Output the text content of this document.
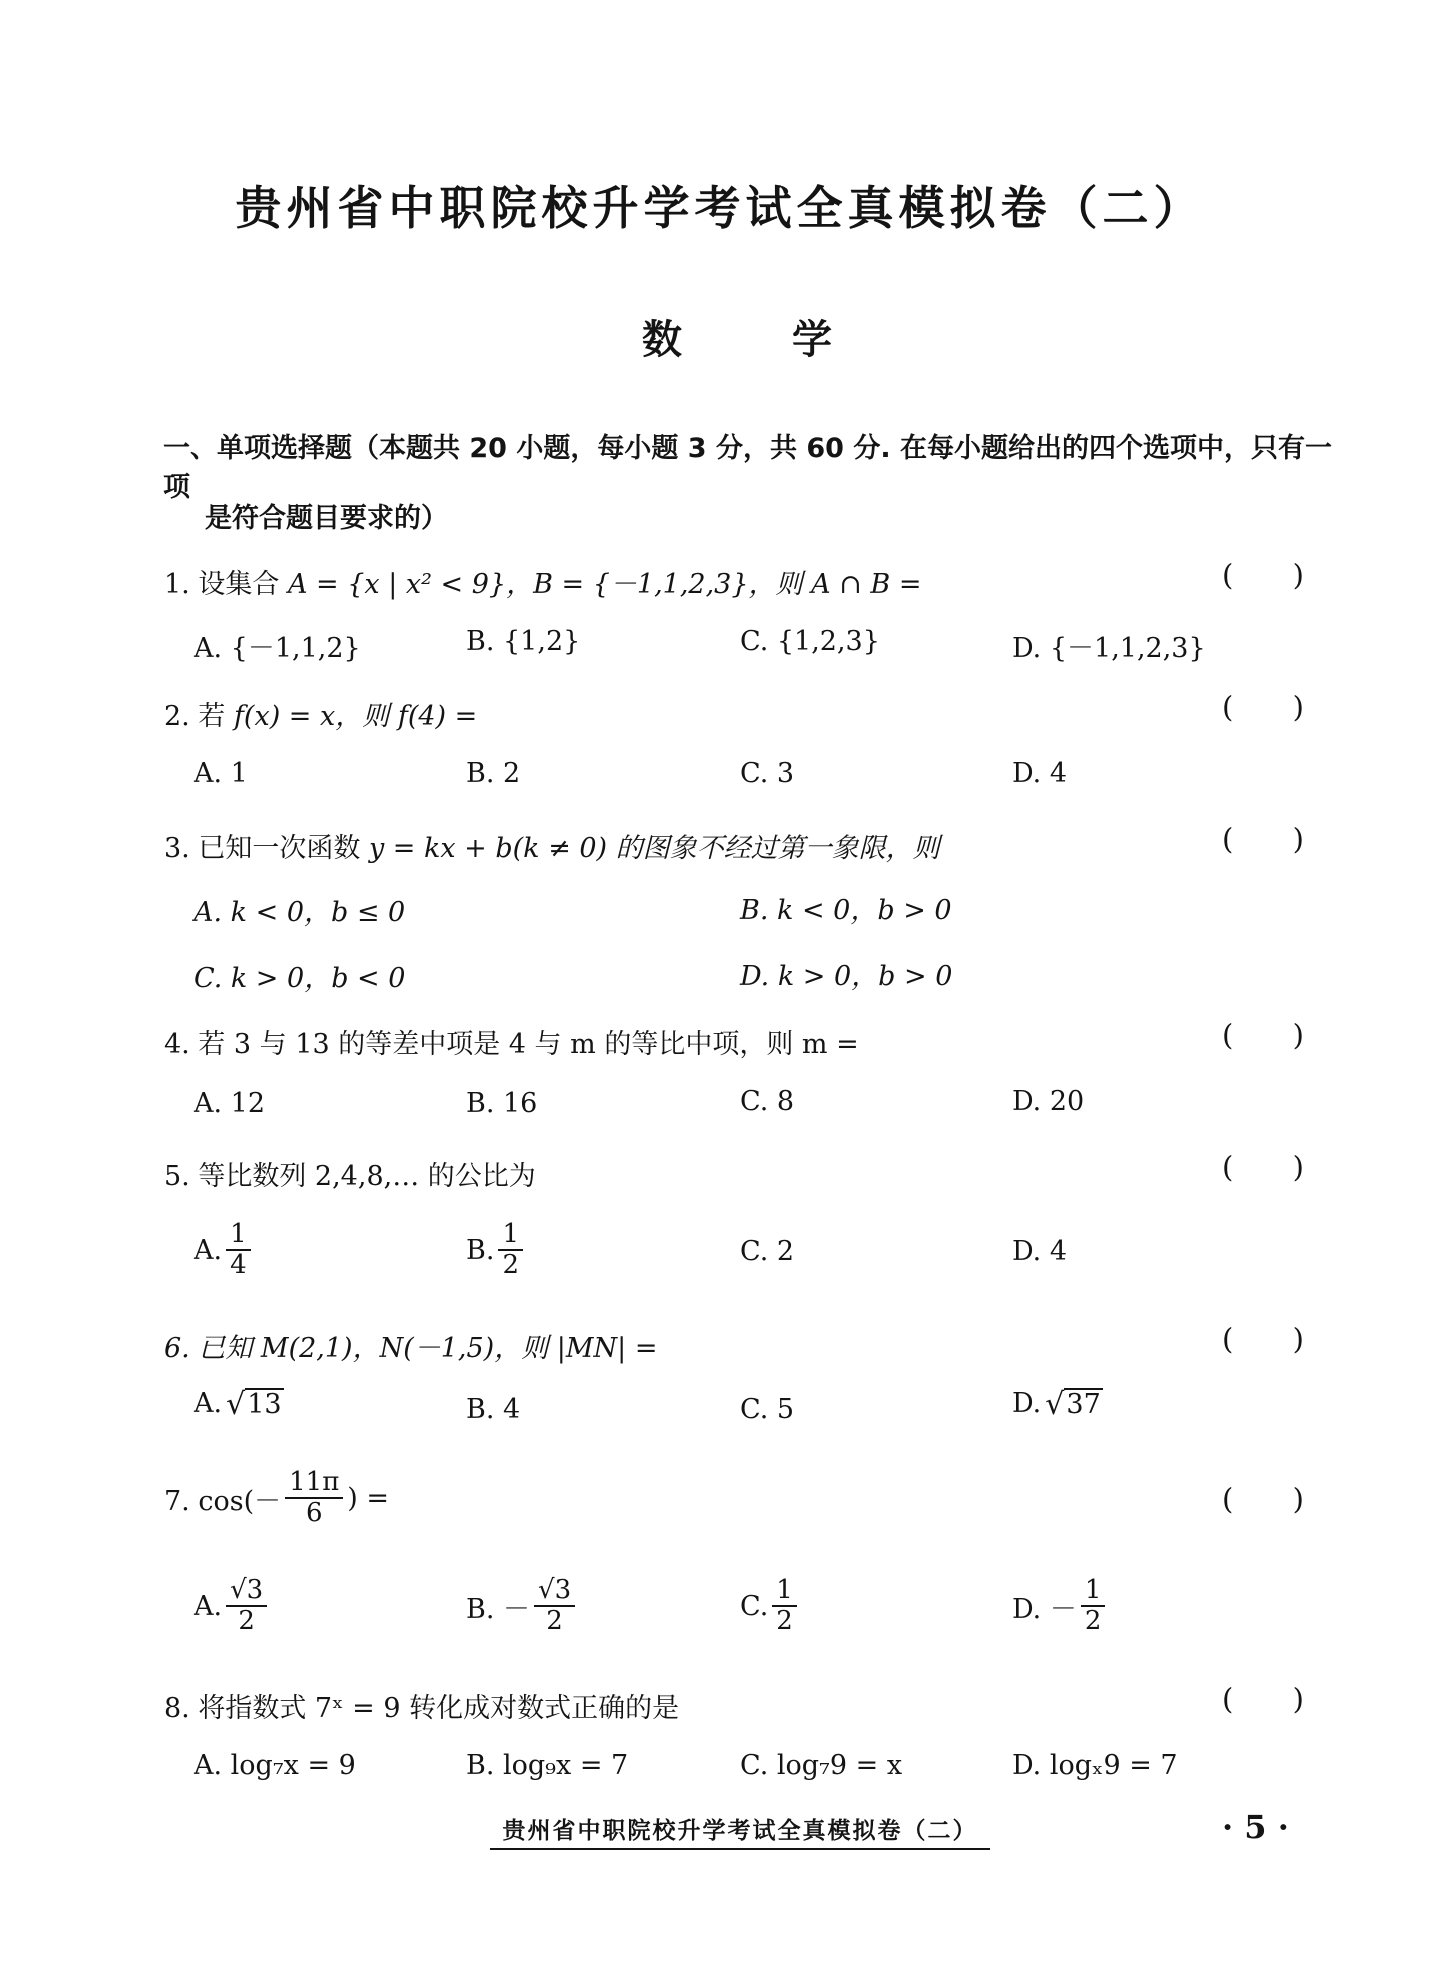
贵州省中职院校升学考试全真模拟卷（二）
数	学
一、单项选择题（本题共 20 小题，每小题 3 分，共 60 分. 在每小题给出的四个选项中，只有一项
是符合题目要求的）
1. 设集合 A = {x | x² < 9}，B = {－1,1,2,3}，则 A ∩ B =	( )
A. {－1,1,2}	B. {1,2}	C. {1,2,3}	D. {－1,1,2,3}
2. 若 f(x) = x，则 f(4) =	( )
A. 1	B. 2	C. 3	D. 4
3. 已知一次函数 y = kx + b(k ≠ 0) 的图象不经过第一象限，则	( )
A. k < 0，b ≤ 0	B. k < 0，b > 0
C. k > 0，b < 0	D. k > 0，b > 0
4. 若 3 与 13 的等差中项是 4 与 m 的等比中项，则 m =	( )
A. 12	B. 16	C. 8	D. 20
5. 等比数列 2,4,8,… 的公比为	( )
A. $\frac{1}{4}$	B. $\frac{1}{2}$	C. 2	D. 4
6. 已知 M(2,1)，N(－1,5)，则 |MN| =	( )
A. √ 13	B. 4	C. 5	D. √ 37
7. $\cos(- \frac{11\pi}{6}$ ) =	( )
A. $\frac{√3}{2}$	B. － $\frac{√3}{2}$	C. $\frac{1}{2}$	D. － $\frac{1}{2}$
8. 将指数式 7ˣ = 9 转化成对数式正确的是	( )
A. log₇x = 9	B. log₉x = 7	C. log₇9 = x	D. logₓ9 = 7
贵州省中职院校升学考试全真模拟卷（二）	· 5 ·
